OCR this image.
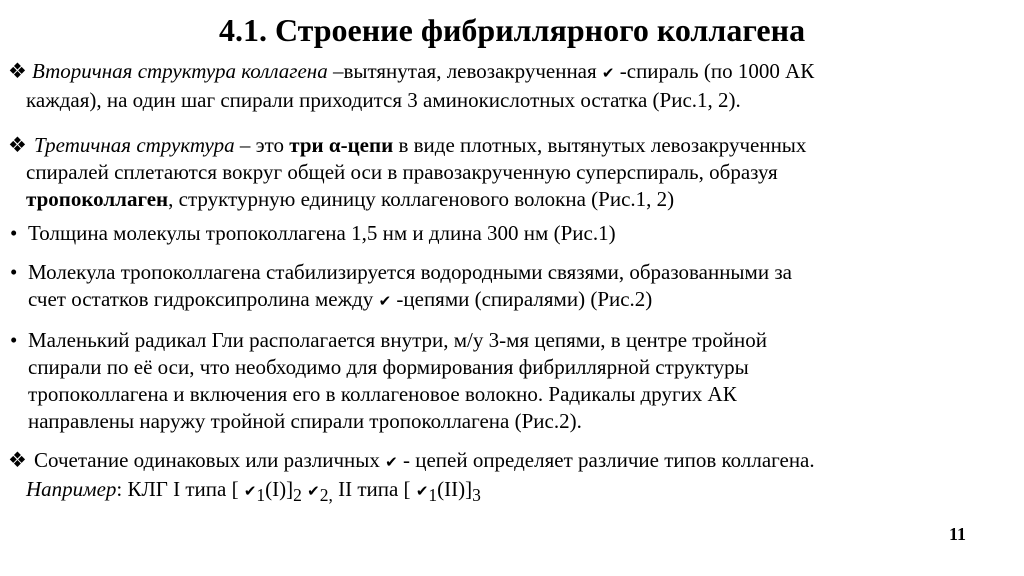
4.1. Строение фибриллярного коллагена
❖ Вторичная структура коллагена –вытянутая, левозакрученная ✔ -спираль (по 1000 АК
каждая), на один шаг спирали приходится 3 аминокислотных остатка (Рис.1, 2).
❖ Третичная структура – это три α-цепи в виде плотных, вытянутых левозакрученных
спиралей сплетаются вокруг общей оси в правозакрученную суперспираль, образуя
тропоколлаген, структурную единицу коллагенового волокна (Рис.1, 2)
• Толщина молекулы тропоколлагена 1,5 нм и длина 300 нм (Рис.1)
• Молекула тропоколлагена стабилизируется водородными связями, образованными за
счет остатков гидроксипролина между ✔ -цепями (спиралями) (Рис.2)
• Маленький радикал Гли располагается внутри, м/у 3-мя цепями, в центре тройной
спирали по её оси, что необходимо для формирования фибриллярной структуры
тропоколлагена и включения его в коллагеновое волокно. Радикалы других АК
направлены наружу тройной спирали тропоколлагена (Рис.2).
❖ Сочетание одинаковых или различных ✔ - цепей определяет различие типов коллагена.
Например: КЛГ I типа [ $✔_1(I)]_2$ $✔_{2,}$ II типа [ $✔_1(II)]_3$
11
